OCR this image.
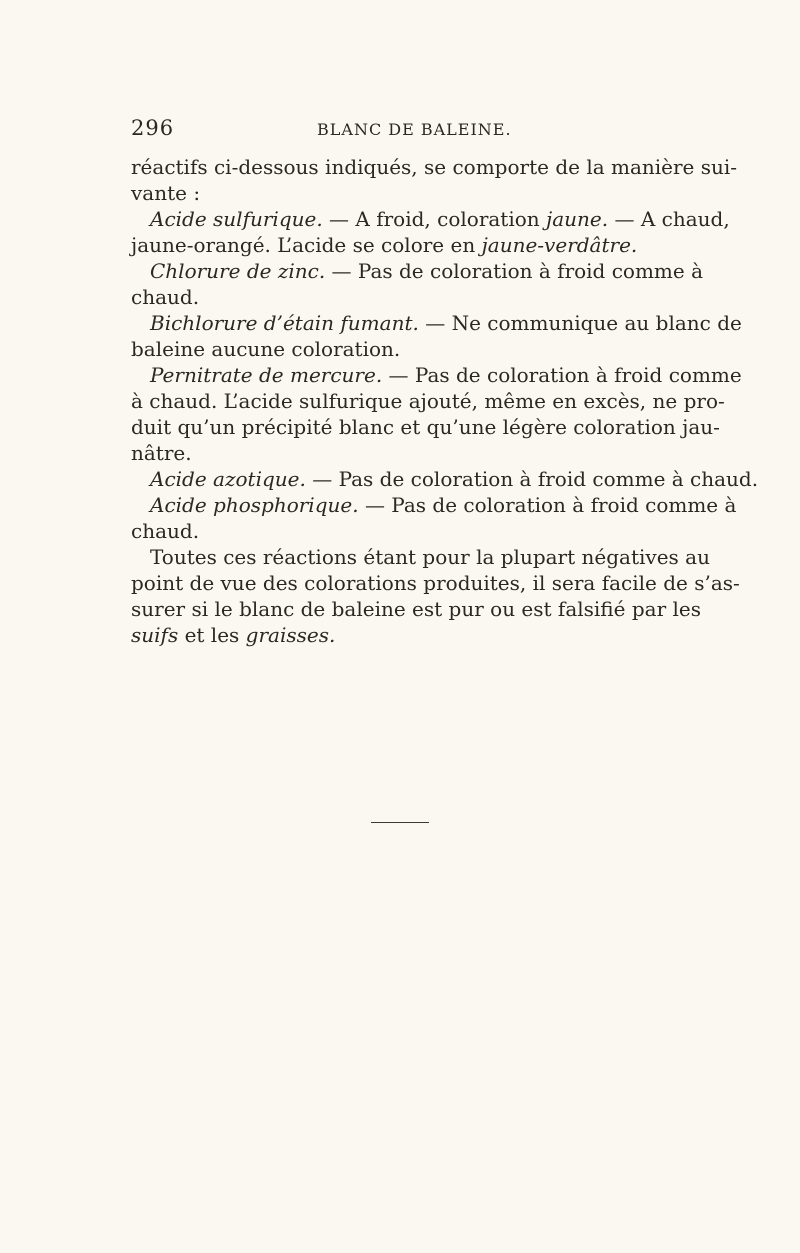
296	BLANC DE BALEINE.
réactifs ci-dessous indiqués, se comporte de la manière sui-
vante :
Acide sulfurique. — A froid, coloration jaune. — A chaud,
jaune-orangé. L’acide se colore en jaune-verdâtre.
Chlorure de zinc. — Pas de coloration à froid comme à
chaud.
Bichlorure d’étain fumant. — Ne communique au blanc de
baleine aucune coloration.
Pernitrate de mercure. — Pas de coloration à froid comme
à chaud. L’acide sulfurique ajouté, même en excès, ne pro-
duit qu’un précipité blanc et qu’une légère coloration jau-
nâtre.
Acide azotique. — Pas de coloration à froid comme à chaud.
Acide phosphorique. — Pas de coloration à froid comme à
chaud.
Toutes ces réactions étant pour la plupart négatives au
point de vue des colorations produites, il sera facile de s’as-
surer si le blanc de baleine est pur ou est falsifié par les
suifs et les graisses.
